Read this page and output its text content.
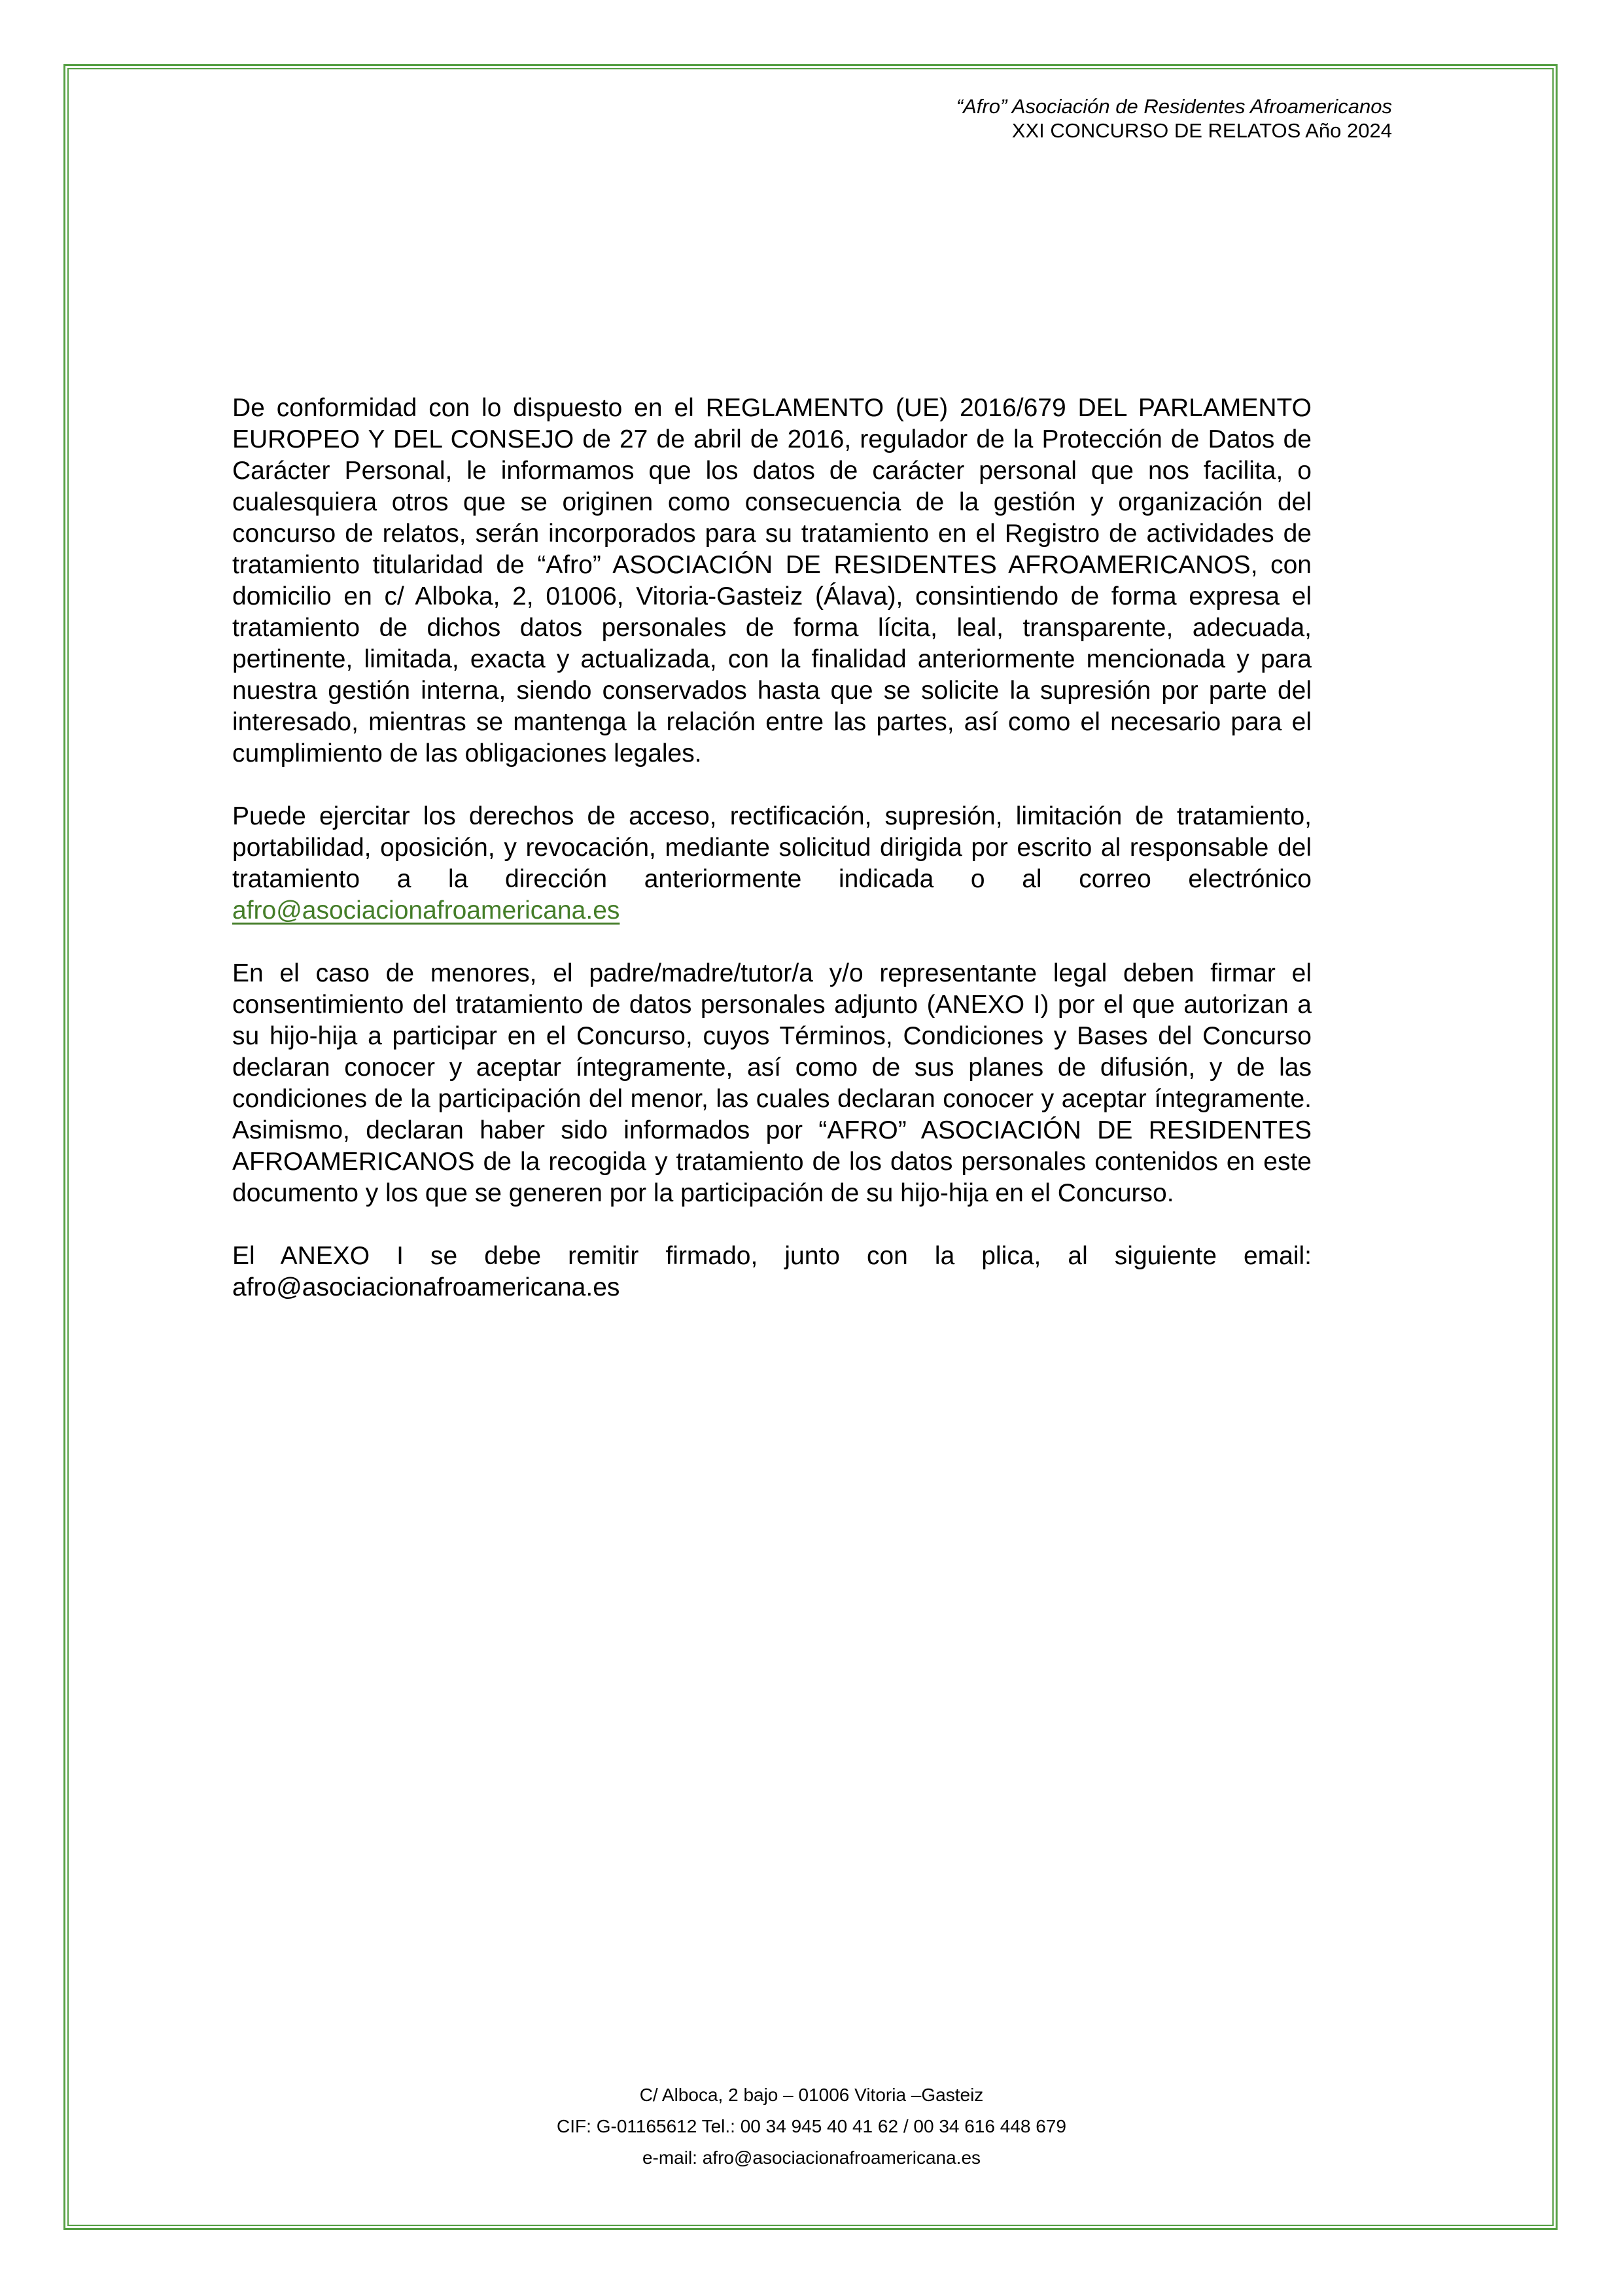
“Afro” Asociación de Residentes Afroamericanos
XXI CONCURSO DE RELATOS Año 2024

De conformidad con lo dispuesto en el REGLAMENTO (UE) 2016/679 DEL PARLAMENTO EUROPEO Y DEL CONSEJO de 27 de abril de 2016, regulador de la Protección de Datos de Carácter Personal, le informamos que los datos de carácter personal que nos facilita, o cualesquiera otros que se originen como consecuencia de la gestión y organización del concurso de relatos, serán incorporados para su tratamiento en el Registro de actividades de tratamiento titularidad de “Afro” ASOCIACIÓN DE RESIDENTES AFROAMERICANOS, con domicilio en c/ Alboka, 2, 01006, Vitoria-Gasteiz (Álava), consintiendo de forma expresa el tratamiento de dichos datos personales de forma lícita, leal, transparente, adecuada, pertinente, limitada, exacta y actualizada, con la finalidad anteriormente mencionada y para nuestra gestión interna, siendo conservados hasta que se solicite la supresión por parte del interesado, mientras se mantenga la relación entre las partes, así como el necesario para el cumplimiento de las obligaciones legales.

Puede ejercitar los derechos de acceso, rectificación, supresión, limitación de tratamiento, portabilidad, oposición, y revocación, mediante solicitud dirigida por escrito al responsable del tratamiento a la dirección anteriormente indicada o al correo electrónico afro@asociacionafroamericana.es

En el caso de menores, el padre/madre/tutor/a y/o representante legal deben firmar el consentimiento del tratamiento de datos personales adjunto (ANEXO I) por el que autorizan a su hijo-hija a participar en el Concurso, cuyos Términos, Condiciones y Bases del Concurso declaran conocer y aceptar íntegramente, así como de sus planes de difusión, y de las condiciones de la participación del menor, las cuales declaran conocer y aceptar íntegramente. Asimismo, declaran haber sido informados por “AFRO” ASOCIACIÓN DE RESIDENTES AFROAMERICANOS de la recogida y tratamiento de los datos personales contenidos en este documento y los que se generen por la participación de su hijo-hija en el Concurso.

El ANEXO I se debe remitir firmado, junto con la plica, al siguiente email: afro@asociacionafroamericana.es

C/ Alboca, 2 bajo – 01006 Vitoria –Gasteiz
CIF: G-01165612 Tel.: 00 34 945 40 41 62 / 00 34 616 448 679
e-mail: afro@asociacionafroamericana.es
